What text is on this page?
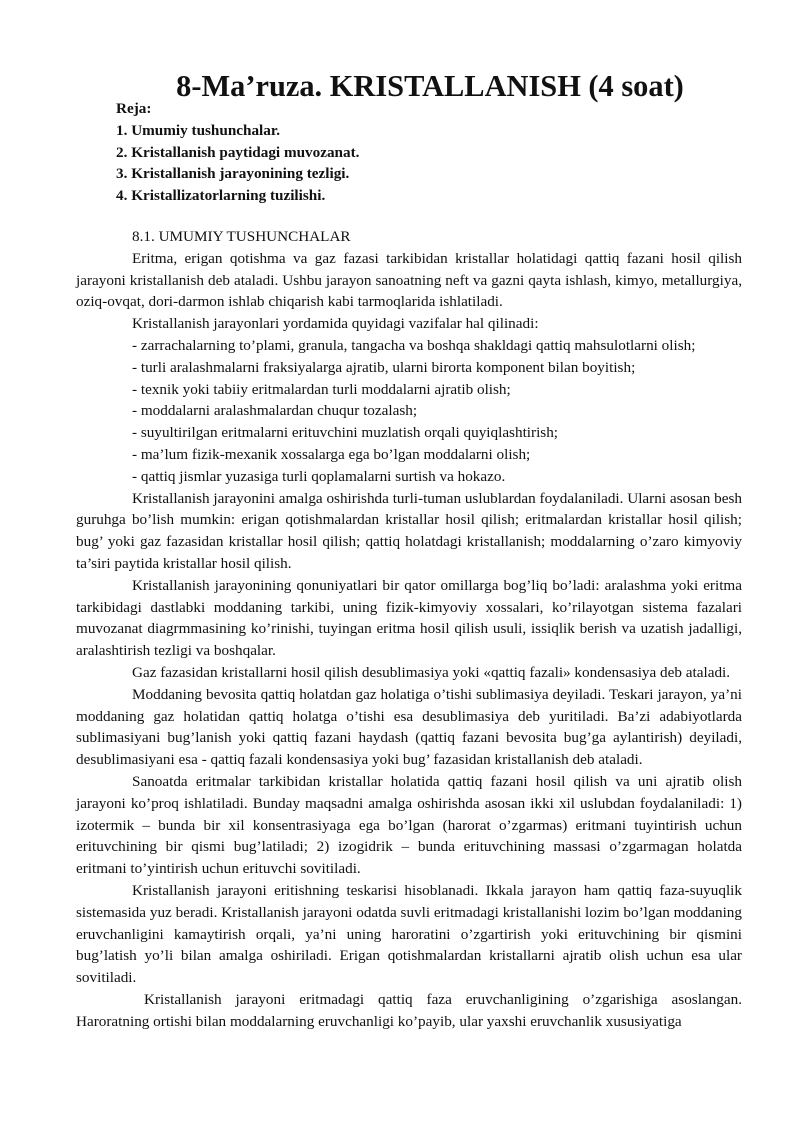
8-Ma’ruza. KRISTALLANISH (4 soat)
Reja:
1. Umumiy tushunchalar.
2. Kristallanish paytidagi muvozanat.
3. Kristallanish jarayonining tezligi.
4. Kristallizatorlarning tuzilishi.

8.1. UMUMIY TUSHUNCHALAR

Eritma, erigan qotishma va gaz fazasi tarkibidan kristallar holatidagi qattiq fazani hosil qilish jarayoni kristallanish deb ataladi. Ushbu jarayon sanoatning neft va gazni qayta ishlash, kimyo, metallurgiya, oziq-ovqat, dori-darmon ishlab chiqarish kabi tarmoqlarida ishlatiladi.

Kristallanish jarayonlari yordamida quyidagi vazifalar hal qilinadi:

- zarrachalarning to’plami, granula, tangacha va boshqa shakldagi qattiq mahsulotlarni olish;

- turli aralashmalarni fraksiyalarga ajratib, ularni birorta komponent bilan boyitish;

- texnik yoki tabiiy eritmalardan turli moddalarni ajratib olish;

- moddalarni aralashmalardan chuqur tozalash;

- suyultirilgan eritmalarni erituvchini muzlatish orqali quyiqlashtirish;

- ma’lum fizik-mexanik xossalarga ega bo’lgan moddalarni olish;

- qattiq jismlar yuzasiga turli qoplamalarni surtish va hokazo.

Kristallanish jarayonini amalga oshirishda turli-tuman uslublardan foydalaniladi. Ularni asosan besh guruhga bo’lish mumkin: erigan qotishmalardan kristallar hosil qilish; eritmalardan kristallar hosil qilish; bug’ yoki gaz fazasidan kristallar hosil qilish; qattiq holatdagi kristallanish; moddalarning o’zaro kimyoviy ta’siri paytida kristallar hosil qilish.

Kristallanish jarayonining qonuniyatlari bir qator omillarga bog’liq bo’ladi: aralashma yoki eritma tarkibidagi dastlabki moddaning tarkibi, uning fizik-kimyoviy xossalari, ko’rilayotgan sistema fazalari muvozanat diagrmmasining ko’rinishi, tuyingan eritma hosil qilish usuli, issiqlik berish va uzatish jadalligi, aralashtirish tezligi va boshqalar.

Gaz fazasidan kristallarni hosil qilish desublimasiya yoki «qattiq fazali» kondensasiya deb ataladi.

Moddaning bevosita qattiq holatdan gaz holatiga o’tishi sublimasiya deyiladi. Teskari jarayon, ya’ni moddaning gaz holatidan qattiq holatga o’tishi esa desublimasiya deb yuritiladi. Ba’zi adabiyotlarda sublimasiyani bug’lanish yoki qattiq fazani haydash (qattiq fazani bevosita bug’ga aylantirish) deyiladi, desublimasiyani esa - qattiq fazali kondensasiya yoki bug’ fazasidan kristallanish deb ataladi.

Sanoatda eritmalar tarkibidan kristallar holatida qattiq fazani hosil qilish va uni ajratib olish jarayoni ko’proq ishlatiladi. Bunday maqsadni amalga oshirishda asosan ikki xil uslubdan foydalaniladi: 1) izotermik – bunda bir xil konsentrasiyaga ega bo’lgan (harorat o’zgarmas) eritmani tuyintirish uchun erituvchining bir qismi bug’latiladi; 2) izogidrik – bunda erituvchining massasi o’zgarmagan holatda eritmani to’yintirish uchun erituvchi sovitiladi.

Kristallanish jarayoni eritishning teskarisi hisoblanadi. Ikkala jarayon ham qattiq faza-suyuqlik sistemasida yuz beradi. Kristallanish jarayoni odatda suvli eritmadagi kristallanishi lozim bo’lgan moddaning eruvchanligini kamaytirish orqali, ya’ni uning haroratini o’zgartirish yoki erituvchining bir qismini bug’latish yo’li bilan amalga oshiriladi. Erigan qotishmalardan kristallarni ajratib olish uchun esa ular sovitiladi.

Kristallanish jarayoni eritmadagi qattiq faza eruvchanligining o’zgarishiga asoslangan. Haroratning ortishi bilan moddalarning eruvchanligi ko’payib, ular yaxshi eruvchanlik xususiyatiga
